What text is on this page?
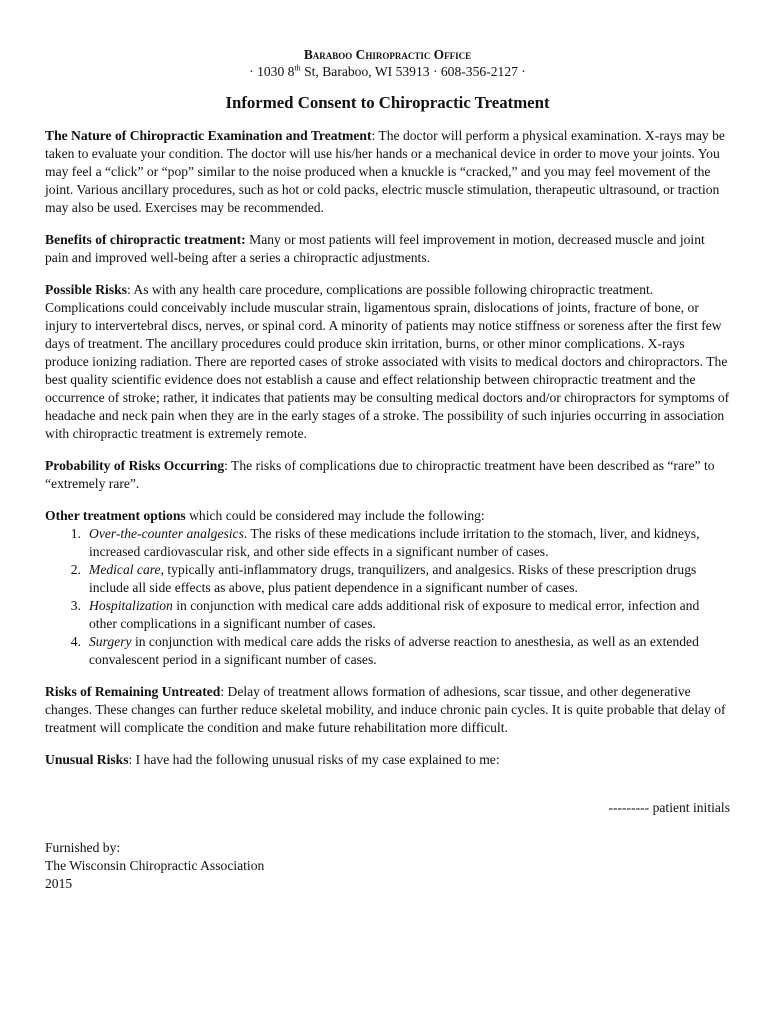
Baraboo Chiropractic Office
· 1030 8th St, Baraboo, WI 53913 · 608-356-2127 ·
Informed Consent to Chiropractic Treatment

The Nature of Chiropractic Examination and Treatment: The doctor will perform a physical examination. X-rays may be taken to evaluate your condition. The doctor will use his/her hands or a mechanical device in order to move your joints. You may feel a “click” or “pop” similar to the noise produced when a knuckle is “cracked,” and you may feel movement of the joint. Various ancillary procedures, such as hot or cold packs, electric muscle stimulation, therapeutic ultrasound, or traction may also be used. Exercises may be recommended.

Benefits of chiropractic treatment: Many or most patients will feel improvement in motion, decreased muscle and joint pain and improved well-being after a series a chiropractic adjustments.

Possible Risks: As with any health care procedure, complications are possible following chiropractic treatment. Complications could conceivably include muscular strain, ligamentous sprain, dislocations of joints, fracture of bone, or injury to intervertebral discs, nerves, or spinal cord. A minority of patients may notice stiffness or soreness after the first few days of treatment. The ancillary procedures could produce skin irritation, burns, or other minor complications. X-rays produce ionizing radiation. There are reported cases of stroke associated with visits to medical doctors and chiropractors. The best quality scientific evidence does not establish a cause and effect relationship between chiropractic treatment and the occurrence of stroke; rather, it indicates that patients may be consulting medical doctors and/or chiropractors for symptoms of headache and neck pain when they are in the early stages of a stroke. The possibility of such injuries occurring in association with chiropractic treatment is extremely remote.

Probability of Risks Occurring: The risks of complications due to chiropractic treatment have been described as “rare” to “extremely rare”.

Other treatment options which could be considered may include the following:
1. Over-the-counter analgesics. The risks of these medications include irritation to the stomach, liver, and kidneys, increased cardiovascular risk, and other side effects in a significant number of cases.
2. Medical care, typically anti-inflammatory drugs, tranquilizers, and analgesics. Risks of these prescription drugs include all side effects as above, plus patient dependence in a significant number of cases.
3. Hospitalization in conjunction with medical care adds additional risk of exposure to medical error, infection and other complications in a significant number of cases.
4. Surgery in conjunction with medical care adds the risks of adverse reaction to anesthesia, as well as an extended convalescent period in a significant number of cases.

Risks of Remaining Untreated: Delay of treatment allows formation of adhesions, scar tissue, and other degenerative changes. These changes can further reduce skeletal mobility, and induce chronic pain cycles. It is quite probable that delay of treatment will complicate the condition and make future rehabilitation more difficult.

Unusual Risks: I have had the following unusual risks of my case explained to me:

--------- patient initials
Furnished by:
The Wisconsin Chiropractic Association
2015
